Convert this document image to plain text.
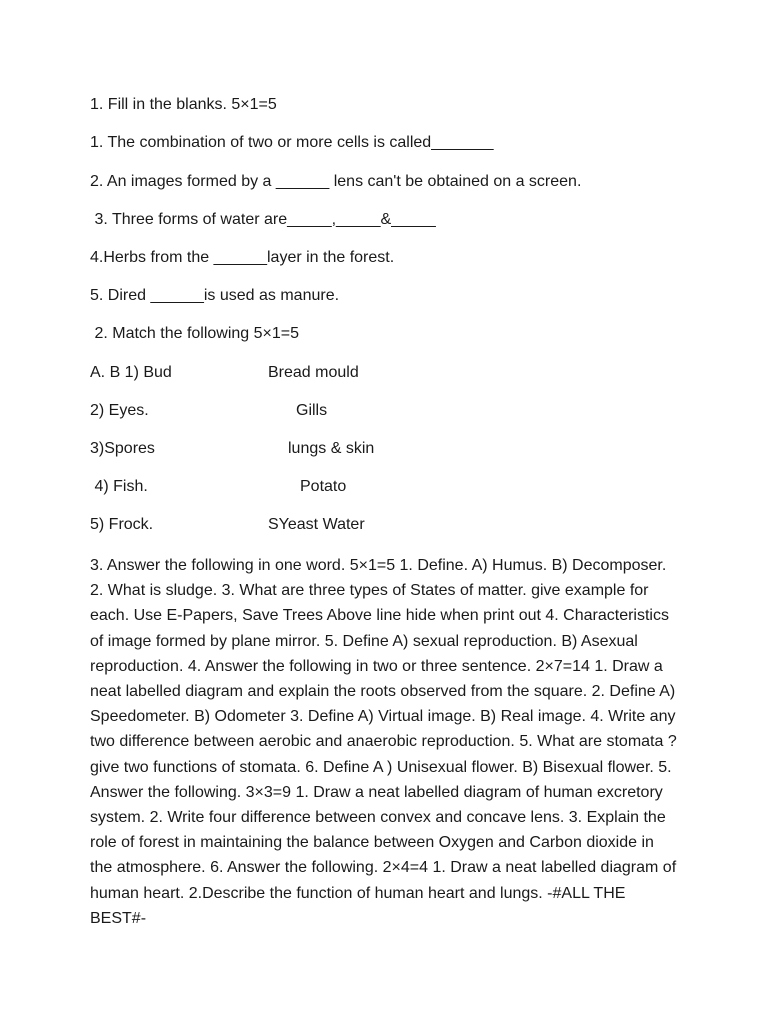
1. Fill in the blanks. 5×1=5
1. The combination of two or more cells is called_______
2. An images formed by a ______ lens can't be obtained on a screen.
3. Three forms of water are_____,_____&_____
4.Herbs from the ______layer in the forest.
5. Dired ______is used as manure.
2. Match the following 5×1=5
A. B 1) Bud	Bread mould
2) Eyes.	Gills
3)Spores	lungs & skin
4) Fish.	Potato
5) Frock.	SYeast Water
3. Answer the following in one word. 5×1=5 1. Define. A) Humus. B) Decomposer. 2. What is sludge. 3. What are three types of States of matter. give example for each. Use E-Papers, Save Trees Above line hide when print out 4. Characteristics of image formed by plane mirror. 5. Define A) sexual reproduction. B) Asexual reproduction. 4. Answer the following in two or three sentence. 2×7=14 1. Draw a neat labelled diagram and explain the roots observed from the square. 2. Define A) Speedometer. B) Odometer 3. Define A) Virtual image. B) Real image. 4. Write any two difference between aerobic and anaerobic reproduction. 5. What are stomata ?give two functions of stomata. 6. Define A ) Unisexual flower. B) Bisexual flower. 5. Answer the following. 3×3=9 1. Draw a neat labelled diagram of human excretory system. 2. Write four difference between convex and concave lens. 3. Explain the role of forest in maintaining the balance between Oxygen and Carbon dioxide in the atmosphere. 6. Answer the following. 2×4=4 1. Draw a neat labelled diagram of human heart. 2.Describe the function of human heart and lungs. -#ALL THE BEST#-
